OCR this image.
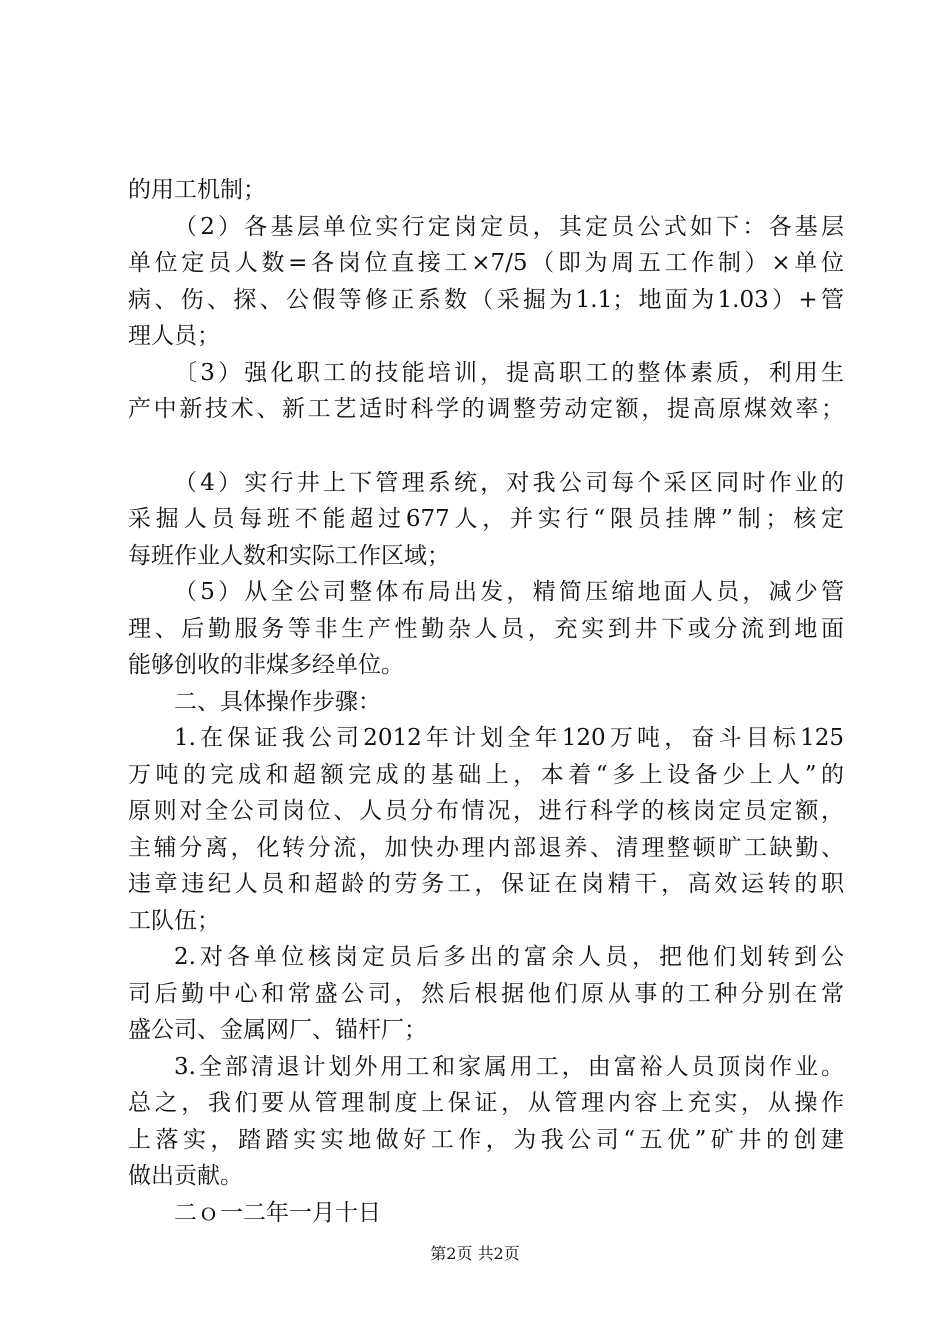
的用工机制；
（2）各基层单位实行定岗定员，其定员公式如下：各基层
单位定员人数=各岗位直接工×7/5（即为周五工作制）×单位
病、伤、探、公假等修正系数（采掘为1.1；地面为1.03）+管
理人员；
〔3）强化职工的技能培训，提高职工的整体素质，利用生
产中新技术、新工艺适时科学的调整劳动定额，提高原煤效率；
（4）实行井上下管理系统，对我公司每个采区同时作业的
采掘人员每班不能超过677人，并实行“限员挂牌”制；核定
每班作业人数和实际工作区域；
（5）从全公司整体布局出发，精简压缩地面人员，减少管
理、后勤服务等非生产性勤杂人员，充实到井下或分流到地面
能够创收的非煤多经单位。
二、具体操作步骤：
1.在保证我公司2012年计划全年120万吨，奋斗目标125
万吨的完成和超额完成的基础上，本着“多上设备少上人”的
原则对全公司岗位、人员分布情况，进行科学的核岗定员定额，
主辅分离，化转分流，加快办理内部退养、清理整顿旷工缺勤、
违章违纪人员和超龄的劳务工，保证在岗精干，高效运转的职
工队伍；
2.对各单位核岗定员后多出的富余人员，把他们划转到公
司后勤中心和常盛公司，然后根据他们原从事的工种分别在常
盛公司、金属网厂、锚杆厂；
3.全部清退计划外用工和家属用工，由富裕人员顶岗作业。
总之，我们要从管理制度上保证，从管理内容上充实，从操作
上落实，踏踏实实地做好工作，为我公司“五优”矿井的创建
做出贡献。
二ｏ一二年一月十日
第2页 共2页
